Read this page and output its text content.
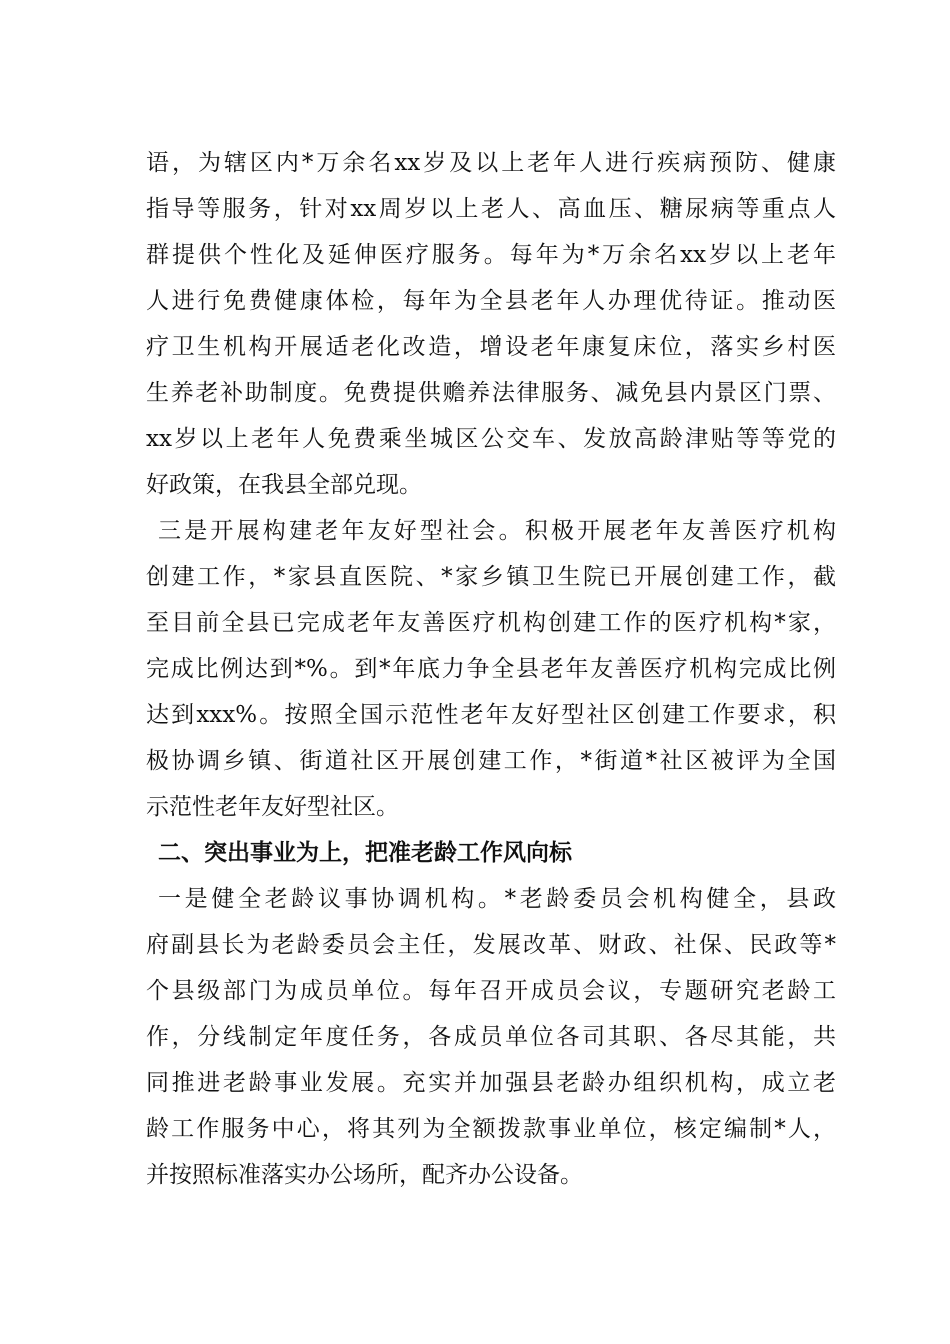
语，为辖区内*万余名xx岁及以上老年人进行疾病预防、健康
指导等服务，针对xx周岁以上老人、高血压、糖尿病等重点人
群提供个性化及延伸医疗服务。每年为*万余名xx岁以上老年
人进行免费健康体检，每年为全县老年人办理优待证。推动医
疗卫生机构开展适老化改造，增设老年康复床位，落实乡村医
生养老补助制度。免费提供赡养法律服务、减免县内景区门票、
xx岁以上老年人免费乘坐城区公交车、发放高龄津贴等等党的
好政策，在我县全部兑现。
三是开展构建老年友好型社会。积极开展老年友善医疗机构
创建工作，*家县直医院、*家乡镇卫生院已开展创建工作，截
至目前全县已完成老年友善医疗机构创建工作的医疗机构*家，
完成比例达到*%。到*年底力争全县老年友善医疗机构完成比例
达到xxx%。按照全国示范性老年友好型社区创建工作要求，积
极协调乡镇、街道社区开展创建工作，*街道*社区被评为全国
示范性老年友好型社区。
二、突出事业为上，把准老龄工作风向标
一是健全老龄议事协调机构。*老龄委员会机构健全，县政
府副县长为老龄委员会主任，发展改革、财政、社保、民政等*
个县级部门为成员单位。每年召开成员会议，专题研究老龄工
作，分线制定年度任务，各成员单位各司其职、各尽其能，共
同推进老龄事业发展。充实并加强县老龄办组织机构，成立老
龄工作服务中心，将其列为全额拨款事业单位，核定编制*人，
并按照标准落实办公场所，配齐办公设备。
